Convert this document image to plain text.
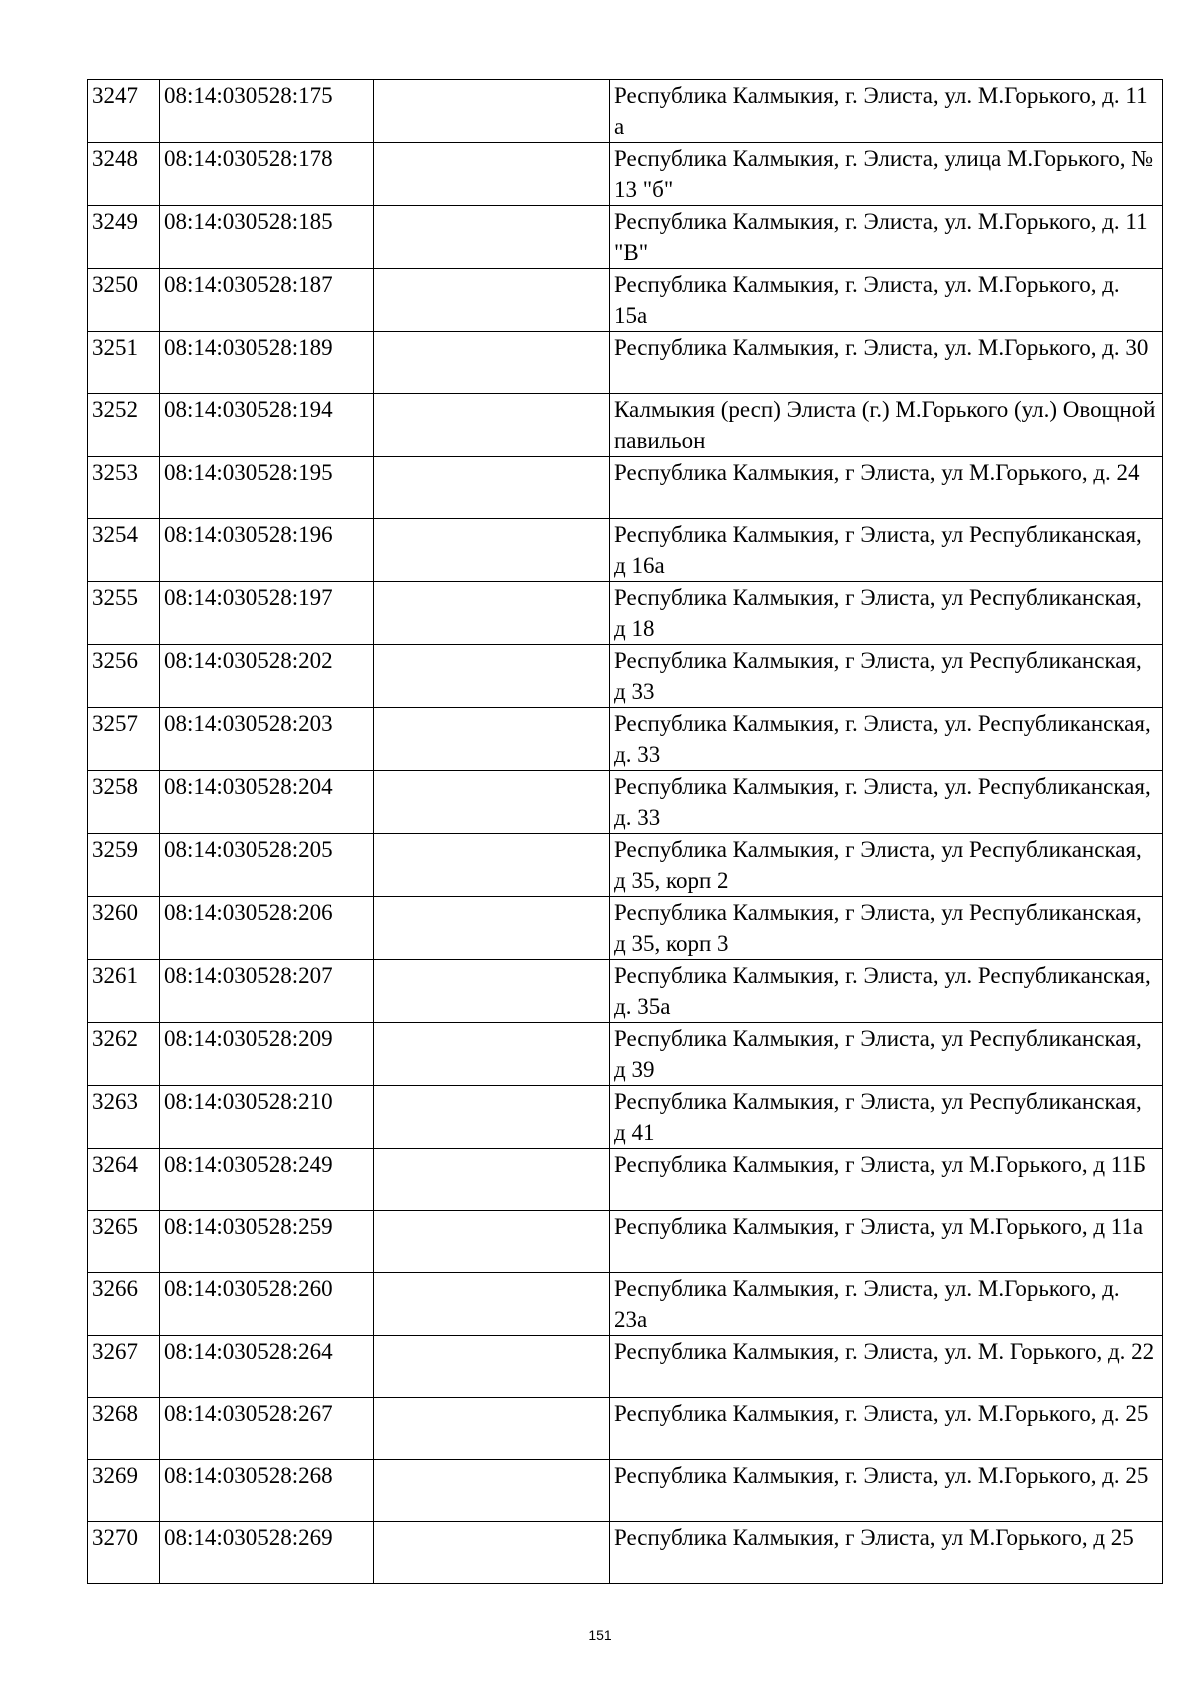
3247	08:14:030528:175		Республика Калмыкия, г. Элиста, ул. М.Горького, д. 11 а
3248	08:14:030528:178		Республика Калмыкия, г. Элиста, улица М.Горького, № 13 "б"
3249	08:14:030528:185		Республика Калмыкия, г. Элиста, ул. М.Горького, д. 11 "В"
3250	08:14:030528:187		Республика Калмыкия, г. Элиста, ул. М.Горького, д. 15а
3251	08:14:030528:189		Республика Калмыкия, г. Элиста, ул. М.Горького, д. 30
3252	08:14:030528:194		Калмыкия (респ) Элиста (г.) М.Горького (ул.) Овощной павильон
3253	08:14:030528:195		Республика Калмыкия, г Элиста, ул М.Горького, д. 24
3254	08:14:030528:196		Республика Калмыкия, г Элиста, ул Республиканская, д 16а
3255	08:14:030528:197		Республика Калмыкия, г Элиста, ул Республиканская, д 18
3256	08:14:030528:202		Республика Калмыкия, г Элиста, ул Республиканская, д 33
3257	08:14:030528:203		Республика Калмыкия, г. Элиста, ул. Республиканская, д. 33
3258	08:14:030528:204		Республика Калмыкия, г. Элиста, ул. Республиканская, д. 33
3259	08:14:030528:205		Республика Калмыкия, г Элиста, ул Республиканская, д 35, корп 2
3260	08:14:030528:206		Республика Калмыкия, г Элиста, ул Республиканская, д 35, корп 3
3261	08:14:030528:207		Республика Калмыкия, г. Элиста, ул. Республиканская, д. 35а
3262	08:14:030528:209		Республика Калмыкия, г Элиста, ул Республиканская, д 39
3263	08:14:030528:210		Республика Калмыкия, г Элиста, ул Республиканская, д 41
3264	08:14:030528:249		Республика Калмыкия, г Элиста, ул М.Горького, д 11Б
3265	08:14:030528:259		Республика Калмыкия, г Элиста, ул М.Горького, д 11а
3266	08:14:030528:260		Республика Калмыкия, г. Элиста, ул. М.Горького, д. 23а
3267	08:14:030528:264		Республика Калмыкия, г. Элиста, ул. М. Горького, д. 22
3268	08:14:030528:267		Республика Калмыкия, г. Элиста, ул. М.Горького, д. 25
3269	08:14:030528:268		Республика Калмыкия, г. Элиста, ул. М.Горького, д. 25
3270	08:14:030528:269		Республика Калмыкия, г Элиста, ул М.Горького, д 25
151
